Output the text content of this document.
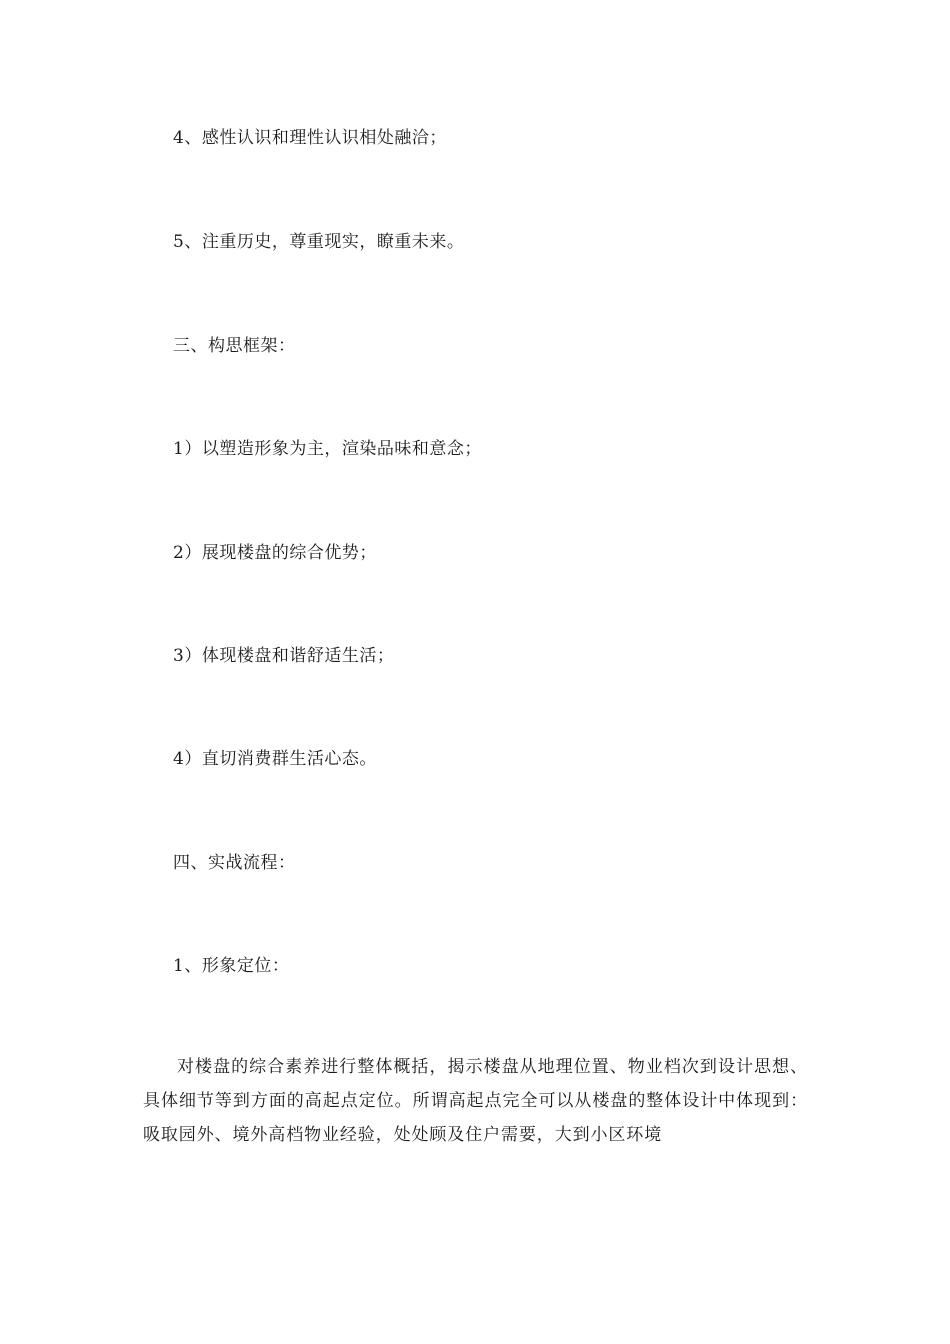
4、感性认识和理性认识相处融洽；
5、注重历史，尊重现实，瞭重未来。
三、构思框架：
1）以塑造形象为主，渲染品味和意念；
2）展现楼盘的综合优势；
3）体现楼盘和谐舒适生活；
4）直切消费群生活心态。
四、实战流程：
1、形象定位：
对楼盘的综合素养进行整体概括，揭示楼盘从地理位置、物业档次到设计思想、具体细节等到方面的高起点定位。所谓高起点完全可以从楼盘的整体设计中体现到：吸取园外、境外高档物业经验，处处顾及住户需要，大到小区环境
